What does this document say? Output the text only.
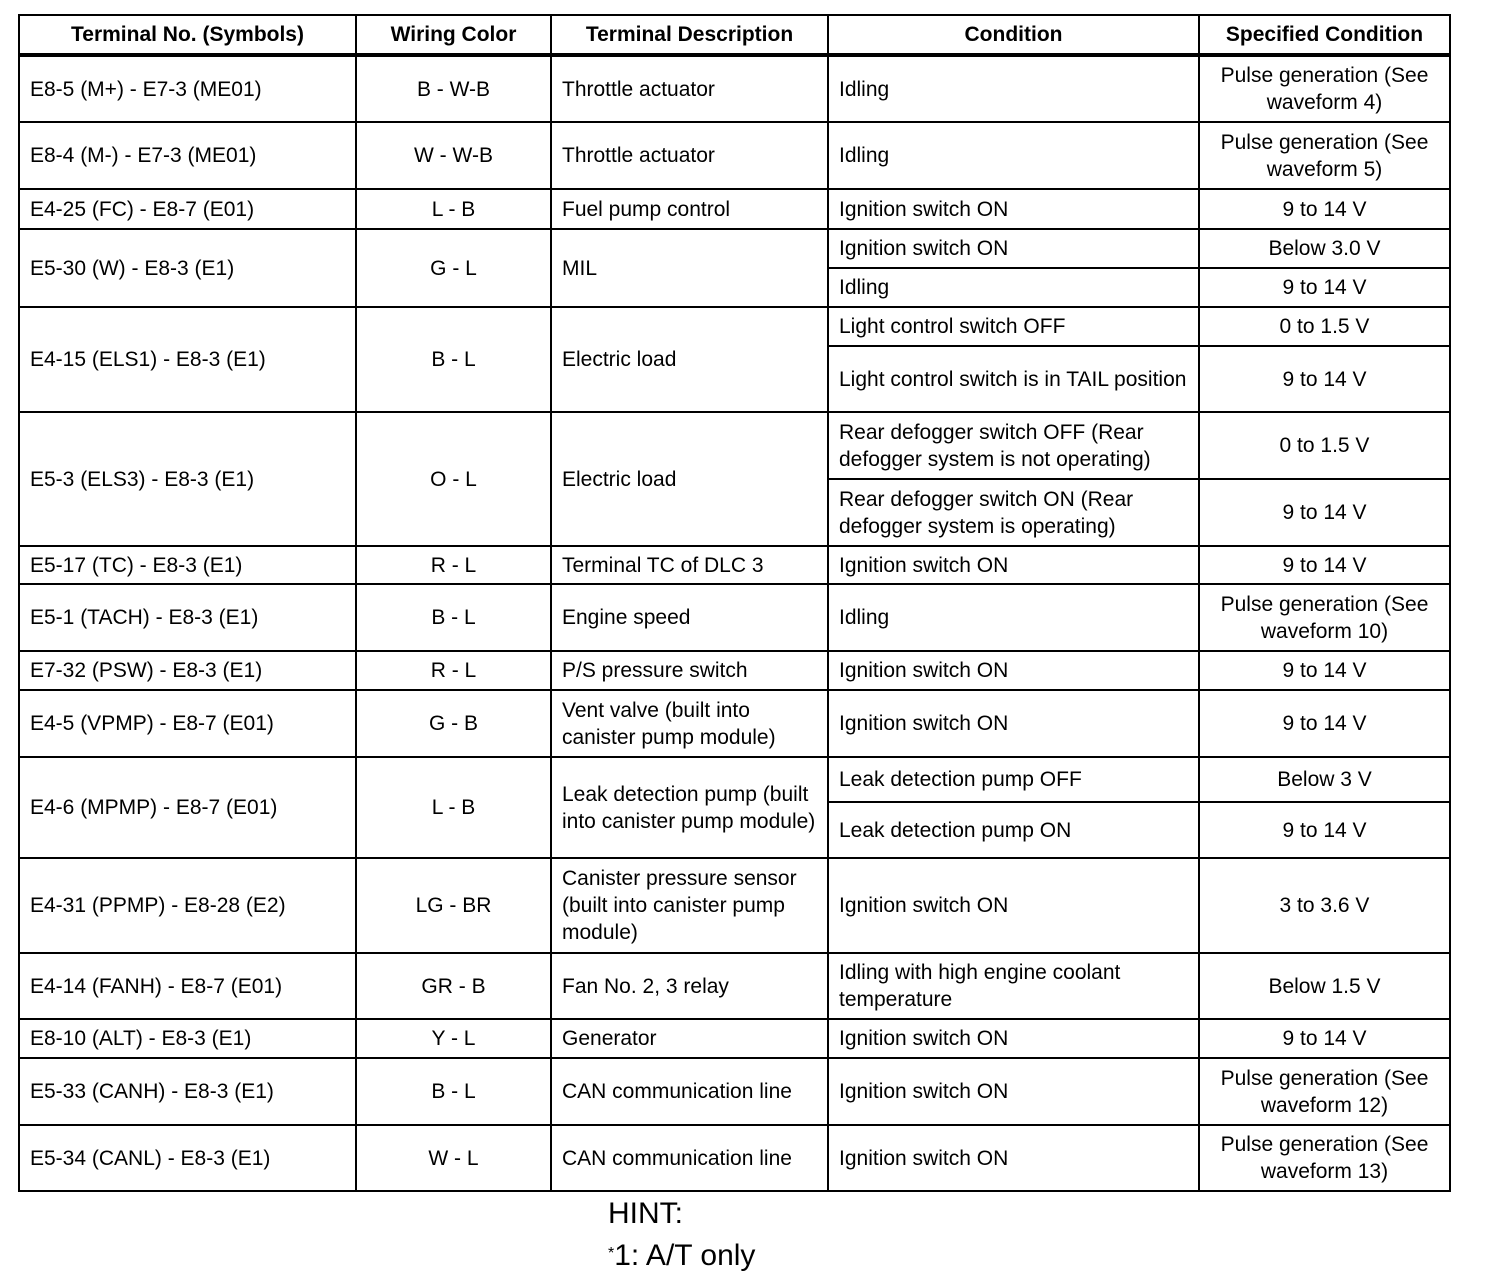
Terminal No. (Symbols)	Wiring Color	Terminal Description	Condition	Specified Condition
E8-5 (M+) - E7-3 (ME01)	B - W-B	Throttle actuator	Idling	Pulse generation (See waveform 4)
E8-4 (M-) - E7-3 (ME01)	W - W-B	Throttle actuator	Idling	Pulse generation (See waveform 5)
E4-25 (FC) - E8-7 (E01)	L - B	Fuel pump control	Ignition switch ON	9 to 14 V
E5-30 (W) - E8-3 (E1)	G - L	MIL	Ignition switch ON	Below 3.0 V
			Idling	9 to 14 V
E4-15 (ELS1) - E8-3 (E1)	B - L	Electric load	Light control switch OFF	0 to 1.5 V
			Light control switch is in TAIL position	9 to 14 V
E5-3 (ELS3) - E8-3 (E1)	O - L	Electric load	Rear defogger switch OFF (Rear defogger system is not operating)	0 to 1.5 V
			Rear defogger switch ON (Rear defogger system is operating)	9 to 14 V
E5-17 (TC) - E8-3 (E1)	R - L	Terminal TC of DLC 3	Ignition switch ON	9 to 14 V
E5-1 (TACH) - E8-3 (E1)	B - L	Engine speed	Idling	Pulse generation (See waveform 10)
E7-32 (PSW) - E8-3 (E1)	R - L	P/S pressure switch	Ignition switch ON	9 to 14 V
E4-5 (VPMP) - E8-7 (E01)	G - B	Vent valve (built into canister pump module)	Ignition switch ON	9 to 14 V
E4-6 (MPMP) - E8-7 (E01)	L - B	Leak detection pump (built into canister pump module)	Leak detection pump OFF	Below 3 V
			Leak detection pump ON	9 to 14 V
E4-31 (PPMP) - E8-28 (E2)	LG - BR	Canister pressure sensor (built into canister pump module)	Ignition switch ON	3 to 3.6 V
E4-14 (FANH) - E8-7 (E01)	GR - B	Fan No. 2, 3 relay	Idling with high engine coolant temperature	Below 1.5 V
E8-10 (ALT) - E8-3 (E1)	Y - L	Generator	Ignition switch ON	9 to 14 V
E5-33 (CANH) - E8-3 (E1)	B - L	CAN communication line	Ignition switch ON	Pulse generation (See waveform 12)
E5-34 (CANL) - E8-3 (E1)	W - L	CAN communication line	Ignition switch ON	Pulse generation (See waveform 13)
HINT:
*1: A/T only
